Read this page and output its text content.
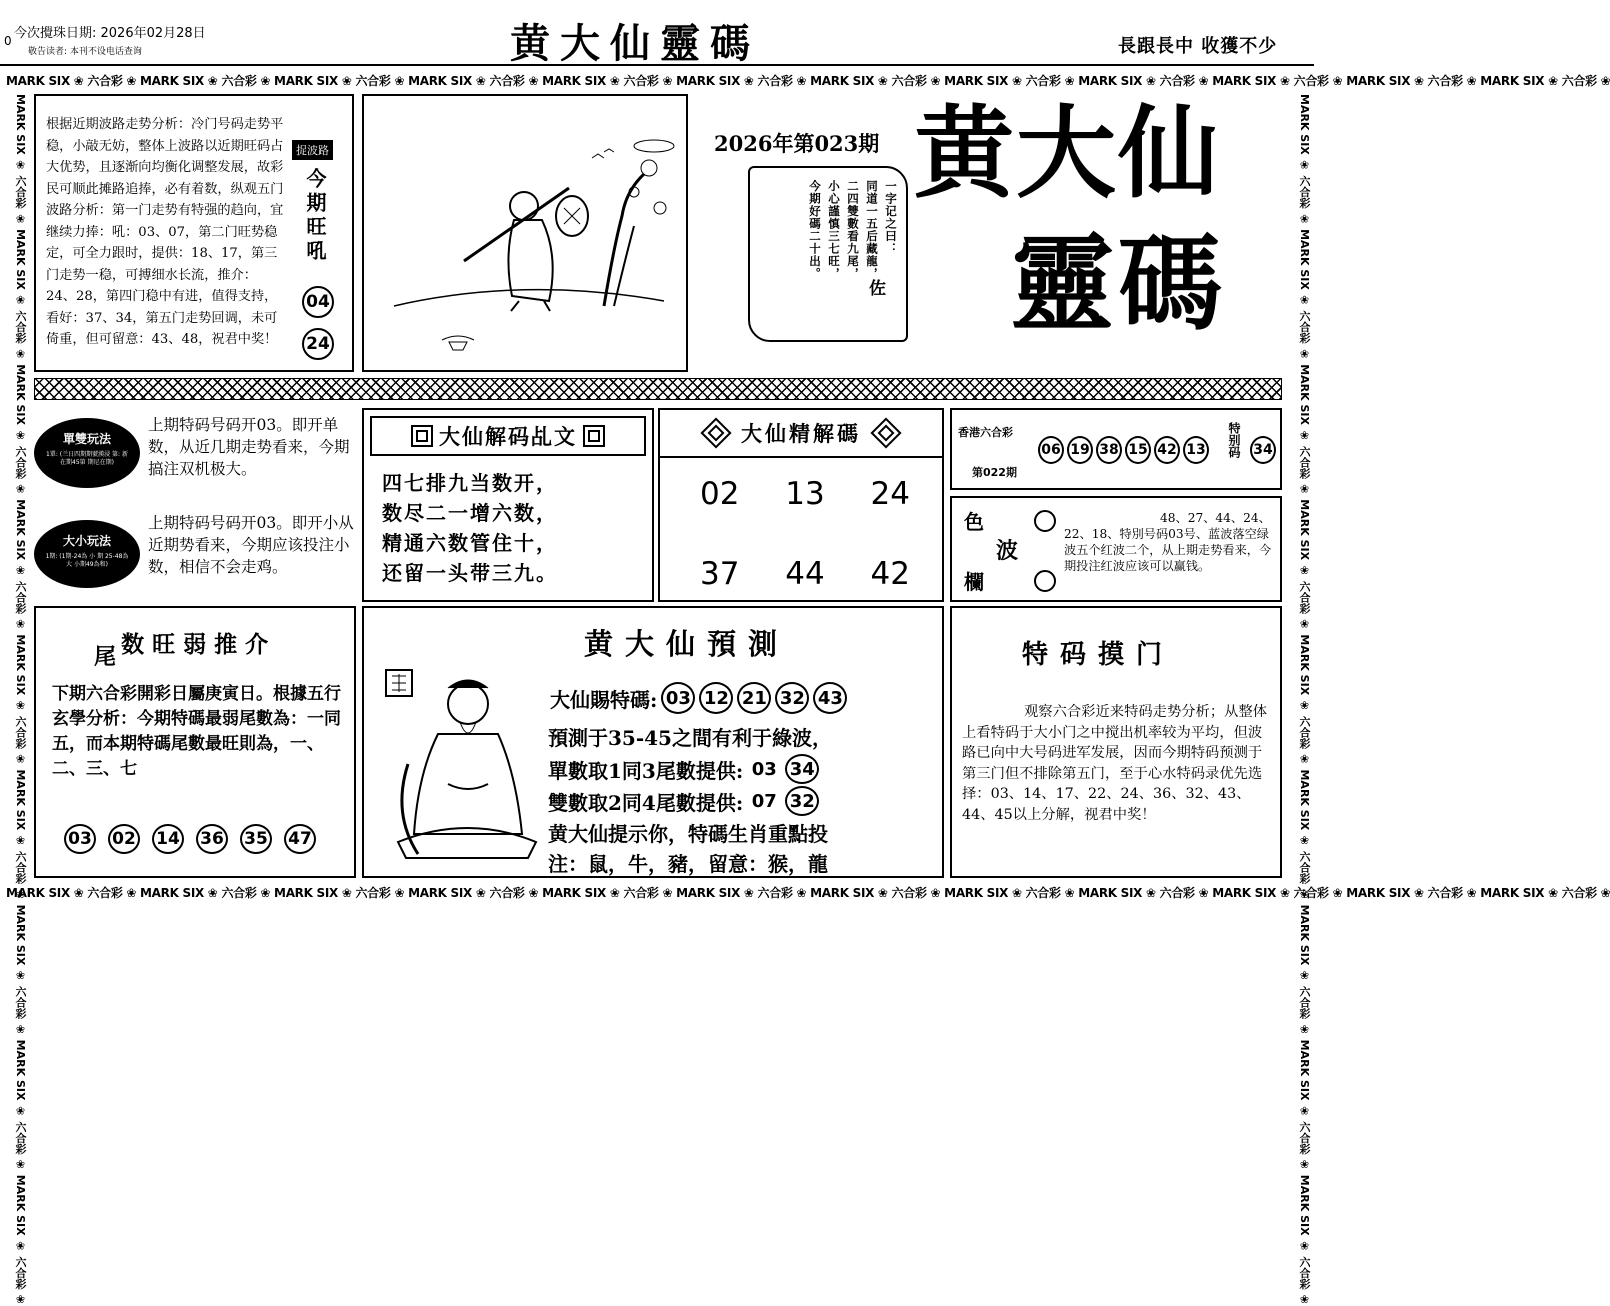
0 今次攪珠日期: 2026年02月28日
敬告读者: 本刊不设电话查询	黄大仙靈碼	長跟長中 收獲不少
MARK SIX ❀ 六合彩 ❀ MARK SIX ❀ 六合彩 ❀ MARK SIX ❀ 六合彩 ❀ MARK SIX ❀ 六合彩 ❀ MARK SIX ❀ 六合彩 ❀ MARK SIX ❀ 六合彩 ❀ MARK SIX ❀ 六合彩 ❀ MARK SIX ❀ 六合彩 ❀ MARK SIX ❀ 六合彩 ❀ MARK SIX ❀ 六合彩 ❀ MARK SIX ❀ 六合彩 ❀ MARK SIX ❀ 六合彩 ❀
MARK SIX ❀ 六合彩 ❀ MARK SIX ❀ 六合彩 ❀ MARK SIX ❀ 六合彩 ❀ MARK SIX ❀ 六合彩 ❀ MARK SIX ❀ 六合彩 ❀ MARK SIX ❀ 六合彩 ❀ MARK SIX ❀ 六合彩 ❀ MARK SIX ❀ 六合彩 ❀ MARK SIX ❀ 六合彩 ❀ MARK SIX ❀ 六合彩 ❀ MARK SIX ❀ 六合彩 ❀ MARK SIX ❀ 六合彩 ❀
MARK SIX ❀ 六合彩 ❀ MARK SIX ❀ 六合彩 ❀ MARK SIX ❀ 六合彩 ❀ MARK SIX ❀ 六合彩 ❀ MARK SIX ❀ 六合彩 ❀ MARK SIX ❀ 六合彩 ❀ MARK SIX ❀ 六合彩 ❀ MARK SIX ❀ 六合彩 ❀ MARK SIX ❀ 六合彩 ❀	MARK SIX ❀ 六合彩 ❀ MARK SIX ❀ 六合彩 ❀ MARK SIX ❀ 六合彩 ❀ MARK SIX ❀ 六合彩 ❀ MARK SIX ❀ 六合彩 ❀ MARK SIX ❀ 六合彩 ❀ MARK SIX ❀ 六合彩 ❀ MARK SIX ❀ 六合彩 ❀ MARK SIX ❀ 六合彩 ❀
根据近期波路走势分析：冷门号码走势平稳，小敲无妨，整体上波路以近期旺码占大优势，且逐渐向均衡化调整发展，故彩民可顺此摊路追捧，必有着数，纵观五门波路分析：第一门走势有特强的趋向，宜继续力捧：吼：03、07，第二门旺势稳定，可全力跟时，提供：18、17，第三门走势一稳，可搏细水长流，推介：24、28，第四门稳中有进，值得支持，看好：37、34，第五门走势回调，未可倚重，但可留意：43、48，祝君中奖！
捉波路
今期旺吼
04 24
2026年第023期
一字记之曰：
同道一五后藏龍，
二四雙數看九尾，
小心謹慎三七旺，
今期好碼二十出。
佐
黄大仙
靈碼
單雙玩法
1單: (兰日四期期號漢浸 第: 新在期45第 期尼在期)
上期特码号码开03。即开单数，从近几期走势看来，今期搞注双机极大。
大小玩法
1期: (1期-24為 小 期 25-48為大 小期49為和)
上期特码号码开03。即开小从近期势看来，今期应该投注小数，相信不会走鸡。
大仙解码乩文
四七排九当数开，
数尽二一增六数，
精通六数管住十，
还留一头带三九。
大仙精解碼
02 13 24
37 44 42
香港六合彩
第022期
06 19 38 15 42 13 特别码 34
色
波
欄
48、27、44、24、22、18、特別号码03号、蓝波落空绿波五个红波二个，从上期走势看来，今期投注红波应该可以赢钱。
尾 数旺弱推介
下期六合彩開彩日屬庚寅日。根據五行玄學分析：今期特碼最弱尾數為：一同五，而本期特碼尾數最旺則為，一、二、三、七
03 02 14 36 35 47
黄大仙預測
大仙賜特碼: 03 12 21 32 43
預測于35-45之間有利于綠波，
單數取1同3尾數提供: 03 34
雙數取2同4尾數提供: 07 32
黄大仙提示你，特碼生肖重點投
注：鼠，牛，豬，留意：猴，龍
特码摸门
观察六合彩近来特码走势分析；从整体上看特码于大小门之中搅出机率较为平均，但波路已向中大号码进军发展，因而今期特码预测于第三门但不排除第五门，至于心水特码录优先选择：03、14、17、22、24、36、32、43、44、45以上分解，视君中奖！
